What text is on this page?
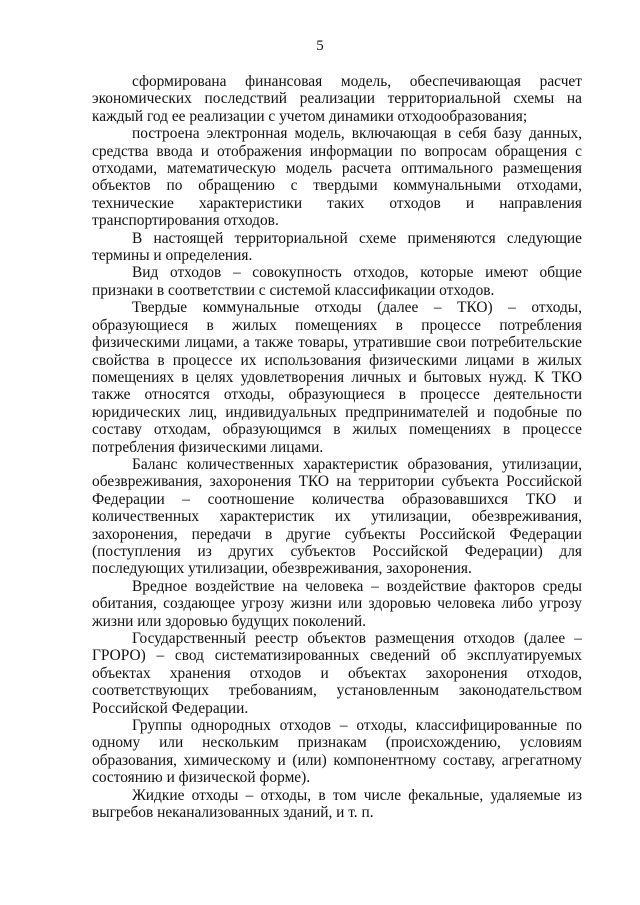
5

сформирована финансовая модель, обеспечивающая расчет экономических последствий реализации территориальной схемы на каждый год ее реализации с учетом динамики отходообразования;

построена электронная модель, включающая в себя базу данных, средства ввода и отображения информации по вопросам обращения с отходами, математическую модель расчета оптимального размещения объектов по обращению с твердыми коммунальными отходами, технические характеристики таких отходов и направления транспортирования отходов.

В настоящей территориальной схеме применяются следующие термины и определения.

Вид отходов – совокупность отходов, которые имеют общие признаки в соответствии с системой классификации отходов.

Твердые коммунальные отходы (далее – ТКО) – отходы, образующиеся в жилых помещениях в процессе потребления физическими лицами, а также товары, утратившие свои потребительские свойства в процессе их использования физическими лицами в жилых помещениях в целях удовлетворения личных и бытовых нужд. К ТКО также относятся отходы, образующиеся в процессе деятельности юридических лиц, индивидуальных предпринимателей и подобные по составу отходам, образующимся в жилых помещениях в процессе потребления физическими лицами.

Баланс количественных характеристик образования, утилизации, обезвреживания, захоронения ТКО на территории субъекта Российской Федерации – соотношение количества образовавшихся ТКО и количественных характеристик их утилизации, обезвреживания, захоронения, передачи в другие субъекты Российской Федерации (поступления из других субъектов Российской Федерации) для последующих утилизации, обезвреживания, захоронения.

Вредное воздействие на человека – воздействие факторов среды обитания, создающее угрозу жизни или здоровью человека либо угрозу жизни или здоровью будущих поколений.

Государственный реестр объектов размещения отходов (далее – ГРОРО) – свод систематизированных сведений об эксплуатируемых объектах хранения отходов и объектах захоронения отходов, соответствующих требованиям, установленным законодательством Российской Федерации.

Группы однородных отходов – отходы, классифицированные по одному или нескольким признакам (происхождению, условиям образования, химическому и (или) компонентному составу, агрегатному состоянию и физической форме).

Жидкие отходы – отходы, в том числе фекальные, удаляемые из выгребов неканализованных зданий, и т. п.
